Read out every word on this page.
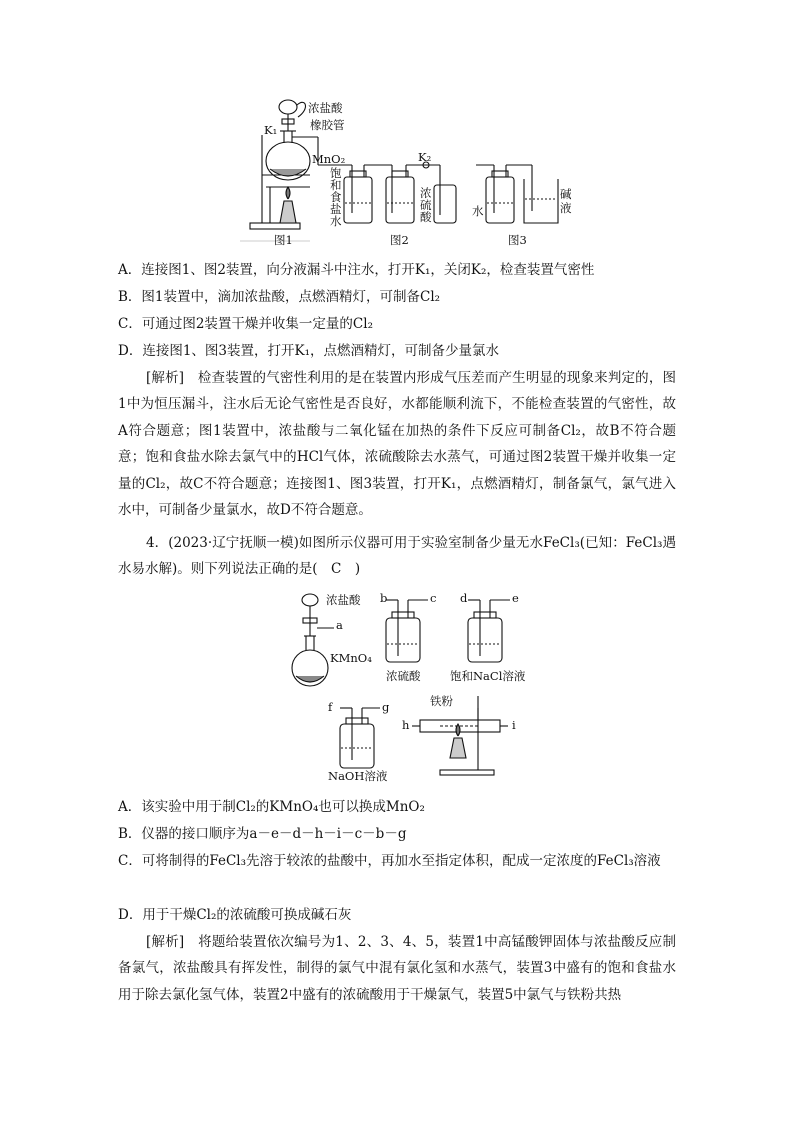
浓盐酸
橡胶管
K₁
MnO₂
图1
K₂
饱
和
食
盐
水
浓
硫
酸
图2
水
碱
液
图3
A．连接图1、图2装置，向分液漏斗中注水，打开K₁，关闭K₂，检查装置气密性
B．图1装置中，滴加浓盐酸，点燃酒精灯，可制备Cl₂
C．可通过图2装置干燥并收集一定量的Cl₂
D．连接图1、图3装置，打开K₁，点燃酒精灯，可制备少量氯水
[解析]　 检查装置的气密性利用的是在装置内形成气压差而产生明显的现象来判定的，图1中为恒压漏斗，注水后无论气密性是否良好，水都能顺利流下，不能检查装置的气密性，故A符合题意；图1装置中，浓盐酸与二氧化锰在加热的条件下反应可制备Cl₂，故B不符合题意；饱和食盐水除去氯气中的HCl气体，浓硫酸除去水蒸气，可通过图2装置干燥并收集一定量的Cl₂，故C不符合题意；连接图1、图3装置，打开K₁，点燃酒精灯，制备氯气，氯气进入水中，可制备少量氯水，故D不符合题意。
4．(2023·辽宁抚顺一模)如图所示仪器可用于实验室制备少量无水FeCl₃(已知：FeCl₃遇水易水解)。则下列说法正确的是(　C　)
浓盐酸
a
KMnO₄
b	c
浓硫酸
d	e
饱和NaCl溶液
f	g
NaOH溶液
铁粉
h	i
A．该实验中用于制Cl₂的KMnO₄也可以换成MnO₂
B．仪器的接口顺序为a－e－d－h－i－c－b－g
C．可将制得的FeCl₃先溶于较浓的盐酸中，再加水至指定体积，配成一定浓度的FeCl₃溶液
D．用于干燥Cl₂的浓硫酸可换成碱石灰
[解析]　 将题给装置依次编号为1、2、3、4、5，装置1中高锰酸钾固体与浓盐酸反应制备氯气，浓盐酸具有挥发性，制得的氯气中混有氯化氢和水蒸气，装置3中盛有的饱和食盐水用于除去氯化氢气体，装置2中盛有的浓硫酸用于干燥氯气，装置5中氯气与铁粉共热
